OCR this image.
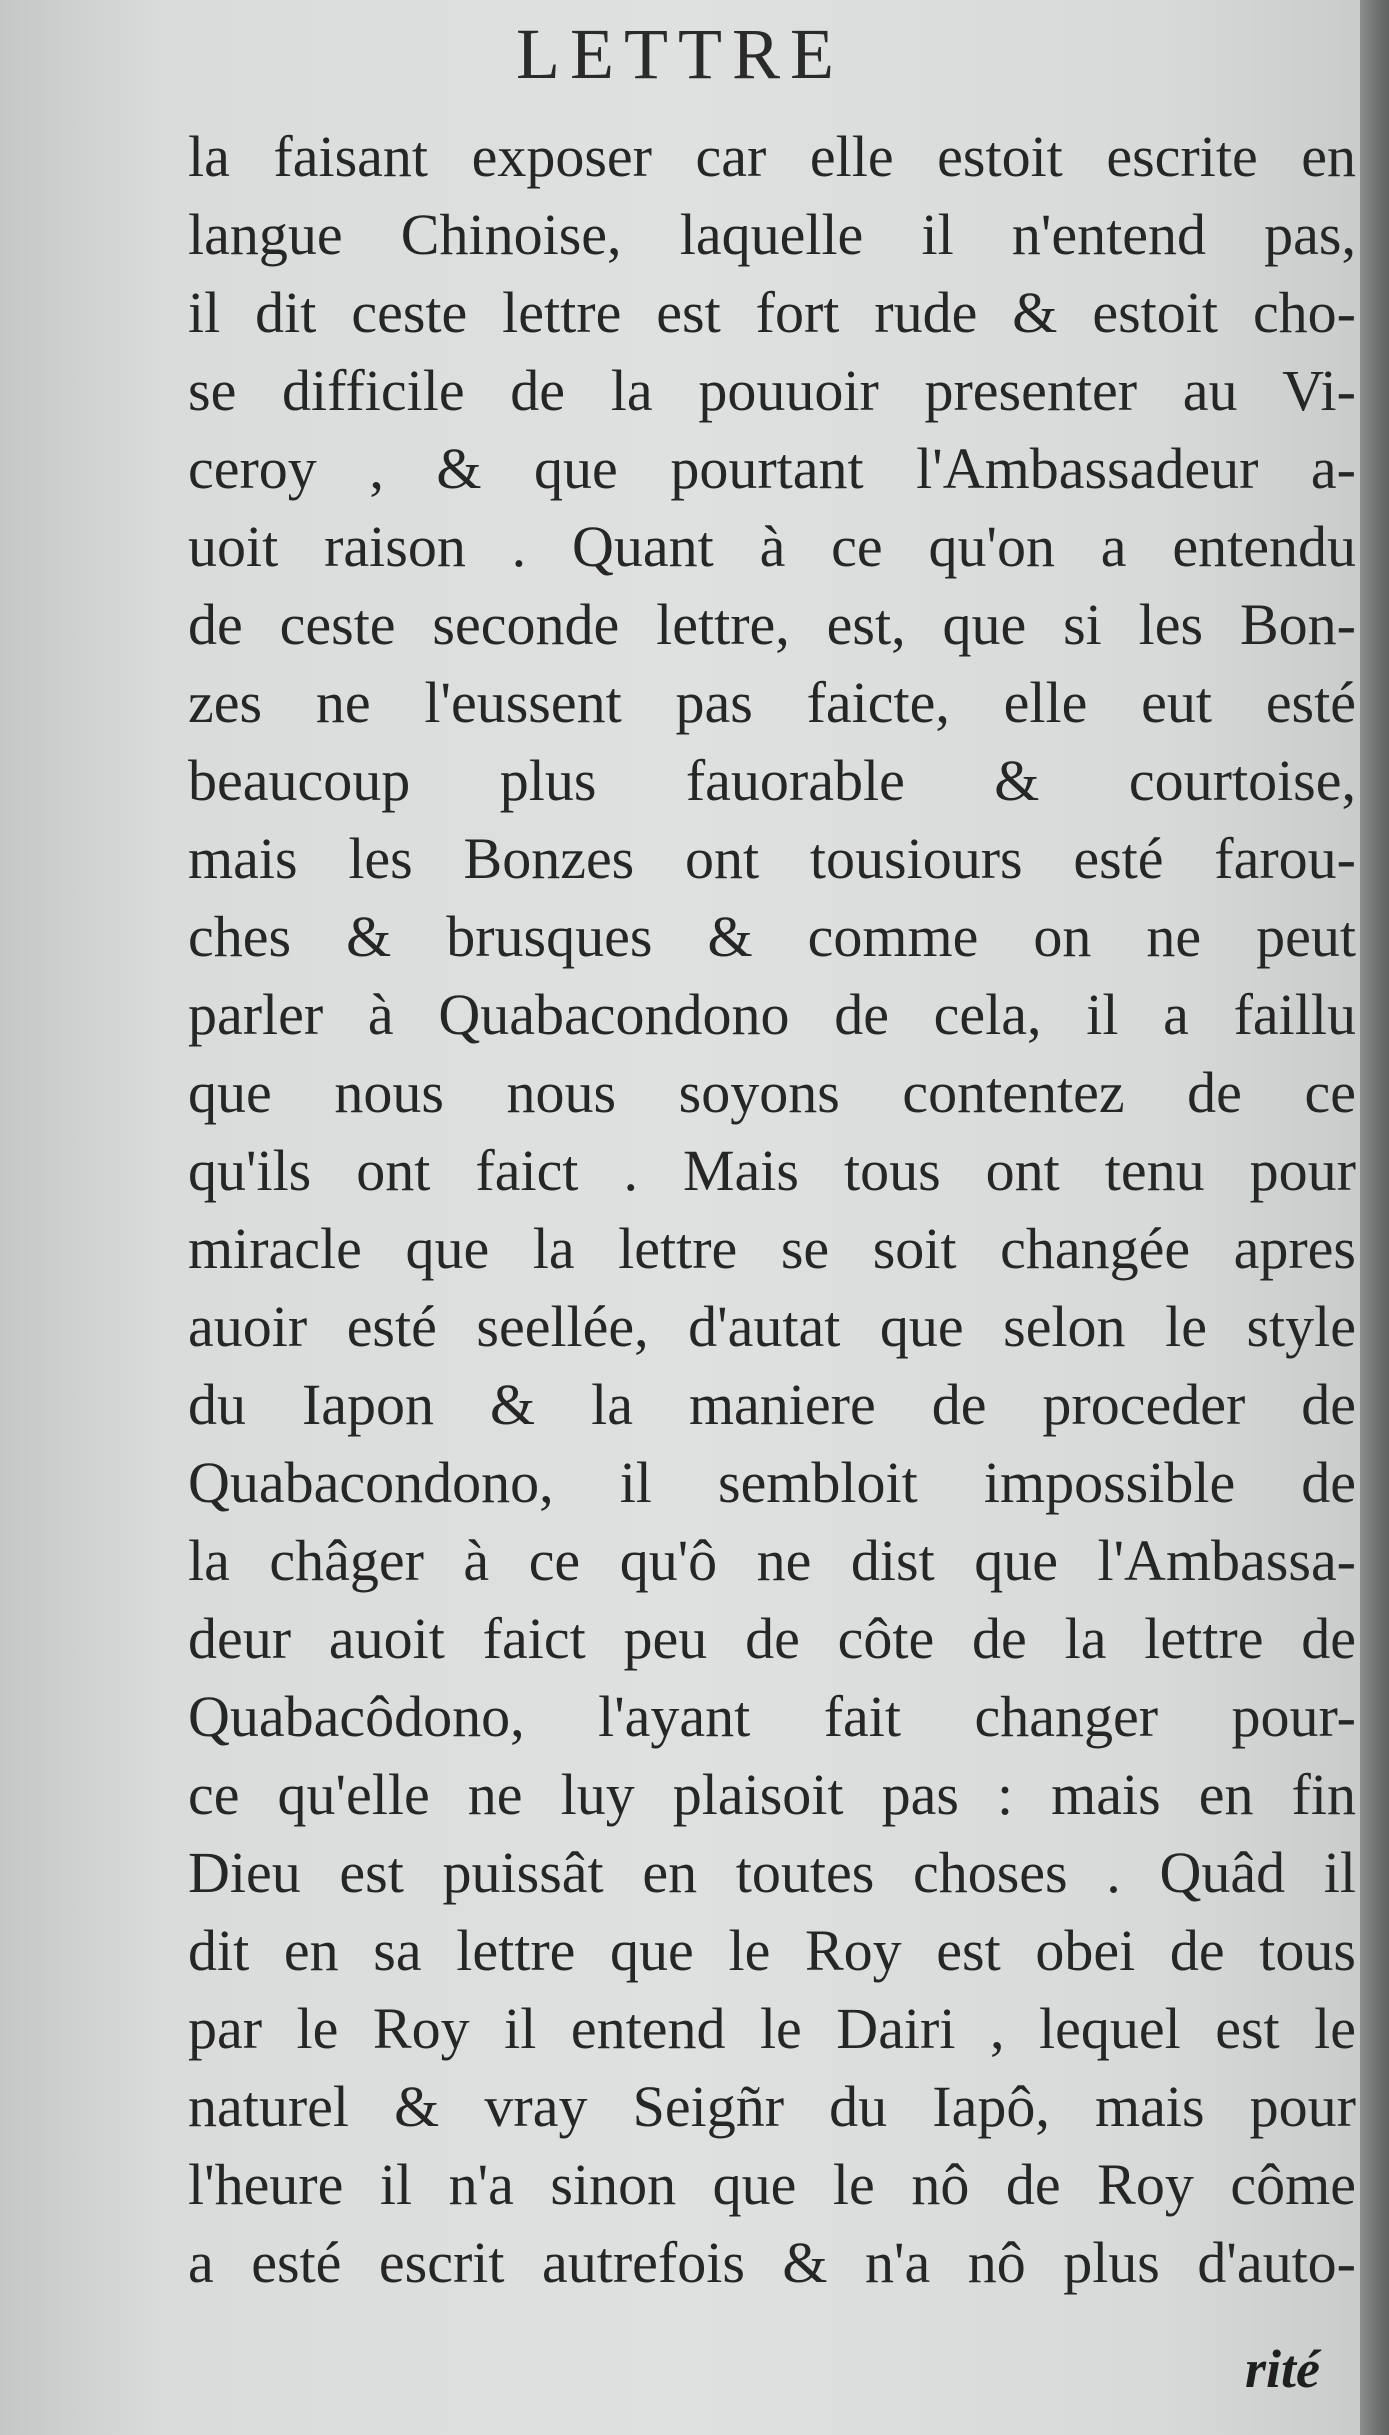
LETTRE
la faisant exposer car elle estoit escrite en
langue Chinoise, laquelle il n'entend pas,
il dit ceste lettre est fort rude & estoit cho-
se difficile de la pouuoir presenter au Vi-
ceroy , & que pourtant l'Ambassadeur a-
uoit raison . Quant à ce qu'on a entendu
de ceste seconde lettre, est, que si les Bon-
zes ne l'eussent pas faicte, elle eut esté
beaucoup plus fauorable & courtoise,
mais les Bonzes ont tousiours esté farou-
ches & brusques & comme on ne peut
parler à Quabacondono de cela, il a faillu
que nous nous soyons contentez de ce
qu'ils ont faict . Mais tous ont tenu pour
miracle que la lettre se soit changée apres
auoir esté seellée, d'autat que selon le style
du Iapon & la maniere de proceder de
Quabacondono, il sembloit impossible de
la châger à ce qu'ô ne dist que l'Ambassa-
deur auoit faict peu de côte de la lettre de
Quabacôdono, l'ayant fait changer pour-
ce qu'elle ne luy plaisoit pas : mais en fin
Dieu est puissât en toutes choses . Quâd il
dit en sa lettre que le Roy est obei de tous
par le Roy il entend le Dairi , lequel est le
naturel & vray Seigñr du Iapô, mais pour
l'heure il n'a sinon que le nô de Roy côme
a esté escrit autrefois & n'a nô plus d'auto-
rité
